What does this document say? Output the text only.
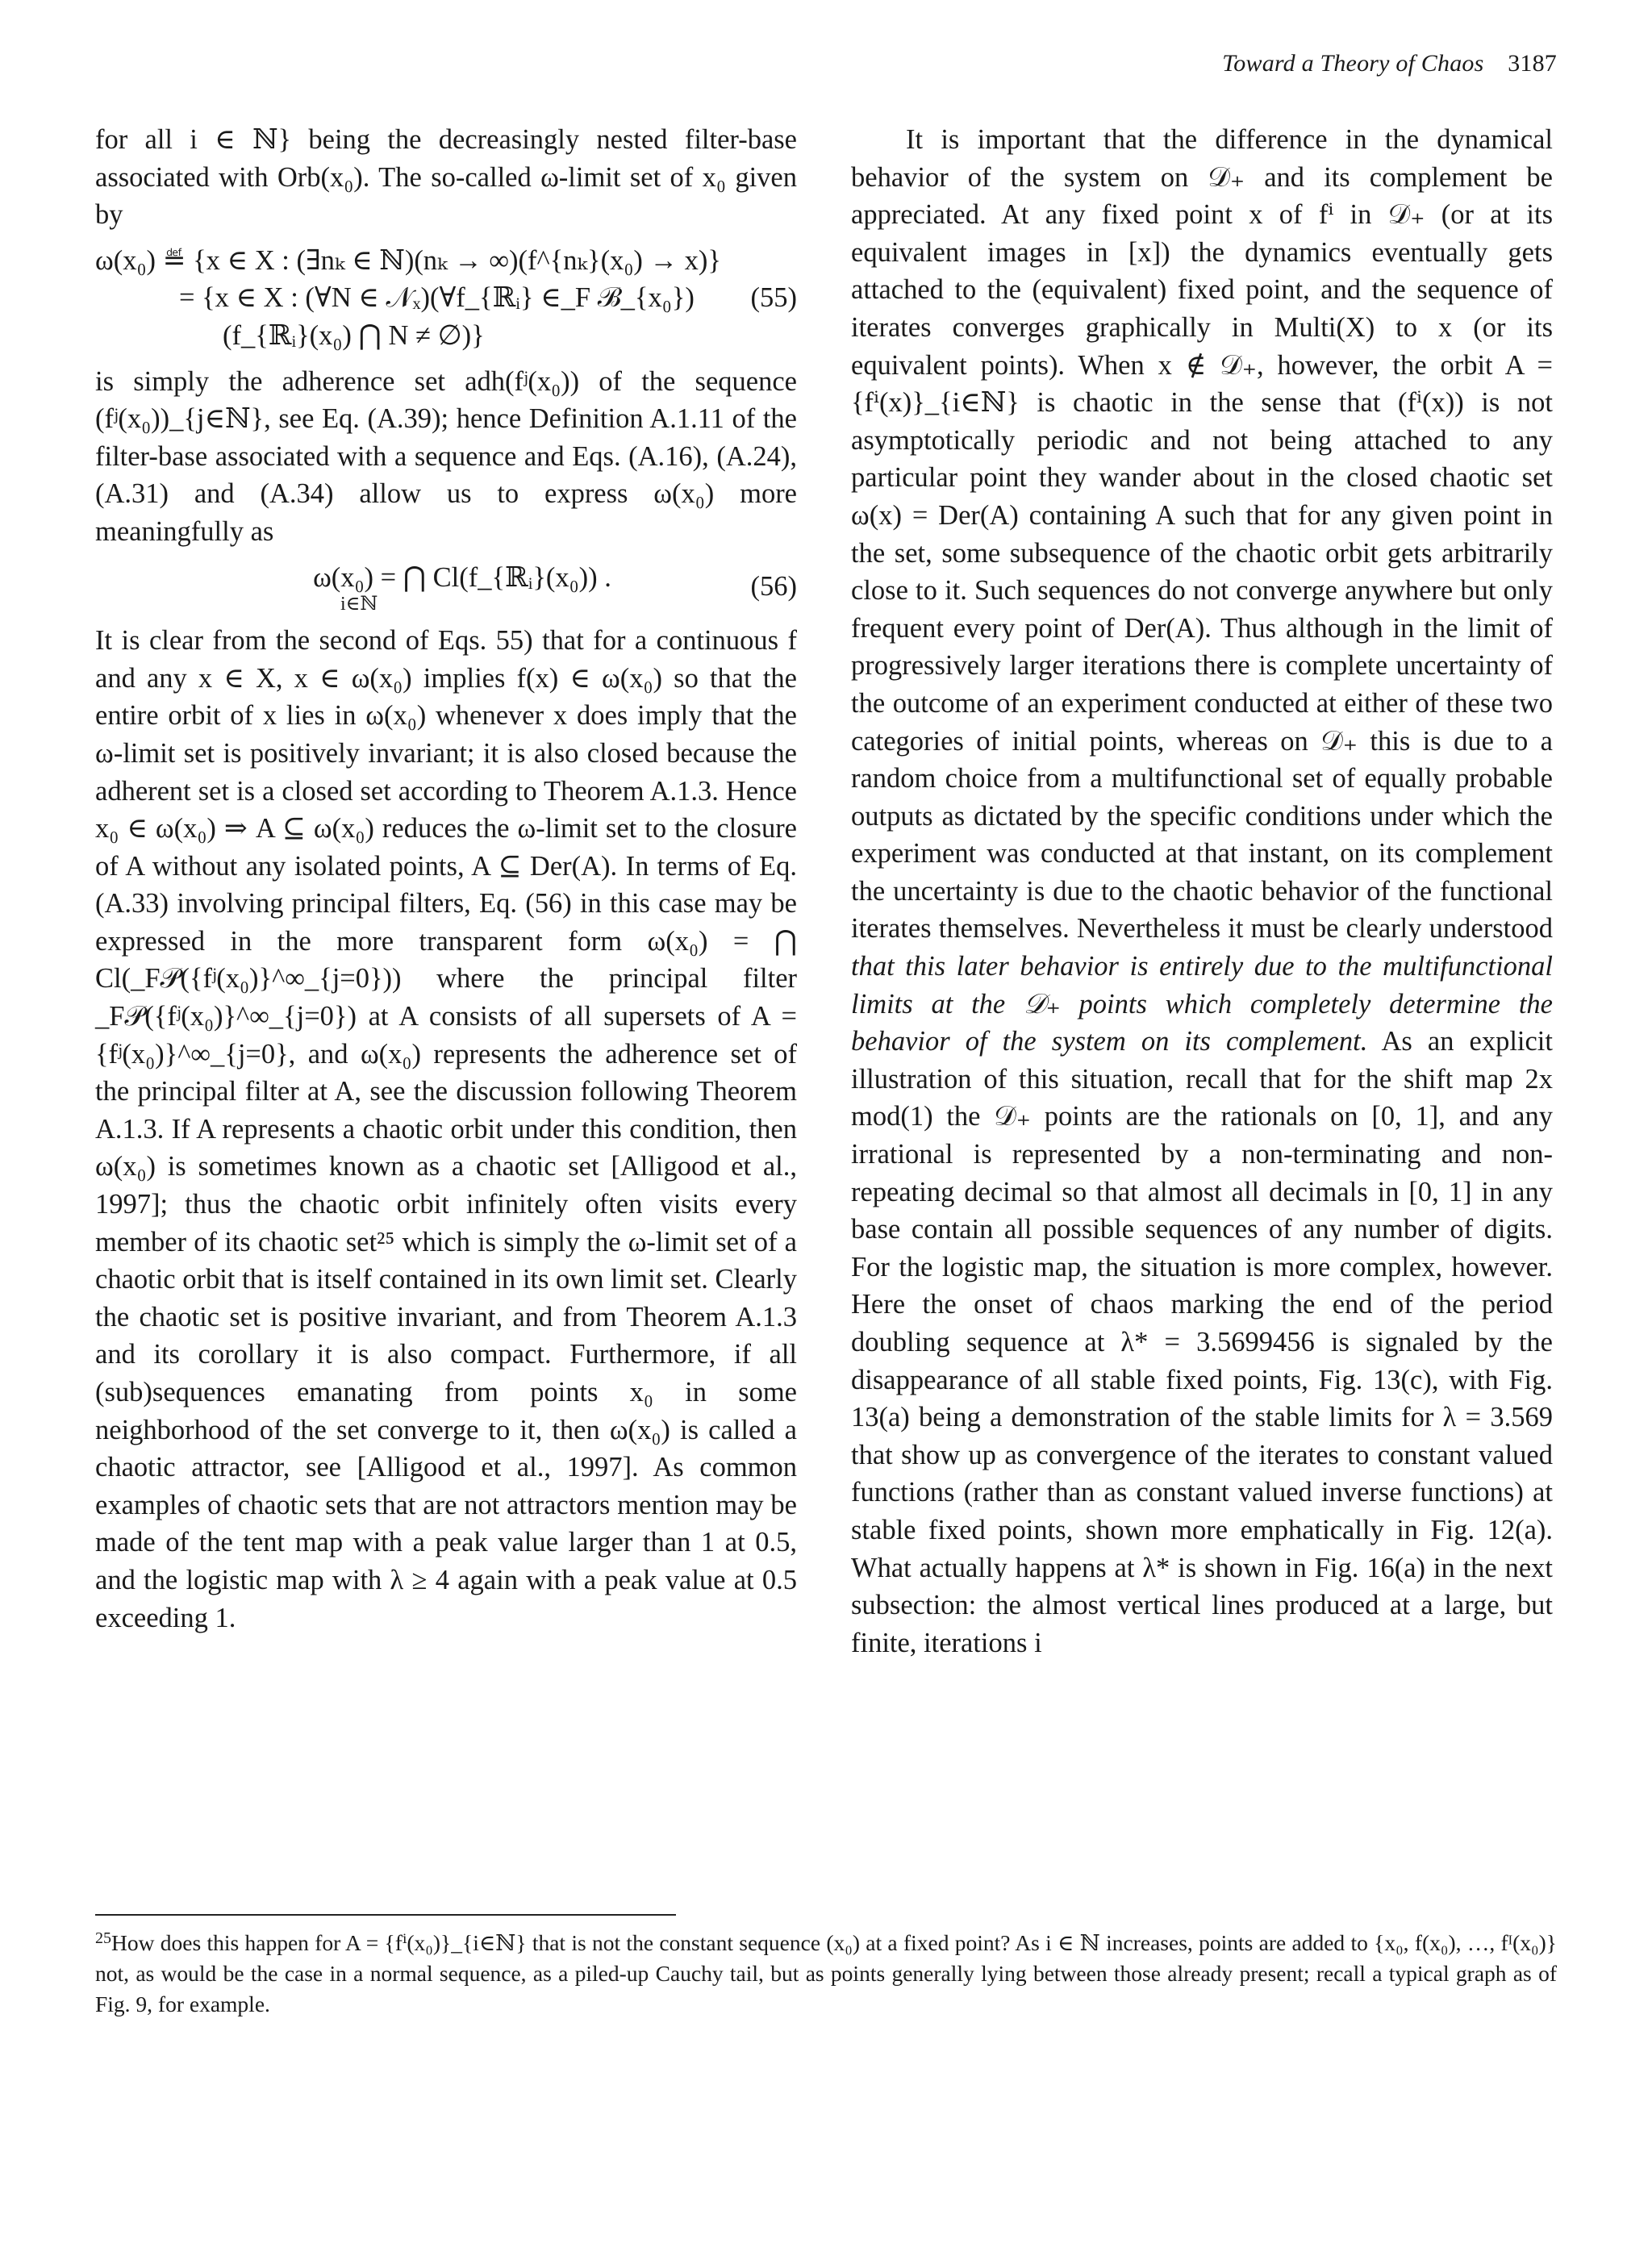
Toward a Theory of Chaos 3187

for all i ∈ ℕ} being the decreasingly nested filter-base associated with Orb(x₀). The so-called ω-limit set of x₀ given by

ω(x₀) ≝ {x ∈ X : (∃nₖ ∈ ℕ)(nₖ → ∞)(f^{nₖ}(x₀) → x)}
= {x ∈ X : (∀N ∈ 𝒩ₓ)(∀f_{ℝᵢ} ∈_F ℬ_{x₀})
(f_{ℝᵢ}(x₀) ⋂ N ≠ ∅)}
(55)

is simply the adherence set adh(fʲ(x₀)) of the sequence (fʲ(x₀))_{j∈ℕ}, see Eq. (A.39); hence Definition A.1.11 of the filter-base associated with a sequence and Eqs. (A.16), (A.24), (A.31) and (A.34) allow us to express ω(x₀) more meaningfully as

ω(x₀) = ⋂ Cl(f_{ℝᵢ}(x₀)) .
i∈ℕ
(56)

It is clear from the second of Eqs. 55) that for a continuous f and any x ∈ X, x ∈ ω(x₀) implies f(x) ∈ ω(x₀) so that the entire orbit of x lies in ω(x₀) whenever x does imply that the ω-limit set is positively invariant; it is also closed because the adherent set is a closed set according to Theorem A.1.3. Hence x₀ ∈ ω(x₀) ⇒ A ⊆ ω(x₀) reduces the ω-limit set to the closure of A without any isolated points, A ⊆ Der(A). In terms of Eq. (A.33) involving principal filters, Eq. (56) in this case may be expressed in the more transparent form ω(x₀) = ⋂ Cl(_F𝒫({fʲ(x₀)}^∞_{j=0})) where the principal filter _F𝒫({fʲ(x₀)}^∞_{j=0}) at A consists of all supersets of A = {fʲ(x₀)}^∞_{j=0}, and ω(x₀) represents the adherence set of the principal filter at A, see the discussion following Theorem A.1.3. If A represents a chaotic orbit under this condition, then ω(x₀) is sometimes known as a chaotic set [Alligood et al., 1997]; thus the chaotic orbit infinitely often visits every member of its chaotic set²⁵ which is simply the ω-limit set of a chaotic orbit that is itself contained in its own limit set. Clearly the chaotic set is positive invariant, and from Theorem A.1.3 and its corollary it is also compact. Furthermore, if all (sub)sequences emanating from points x₀ in some neighborhood of the set converge to it, then ω(x₀) is called a chaotic attractor, see [Alligood et al., 1997]. As common examples of chaotic sets that are not attractors mention may be made of the tent map with a peak value larger than 1 at 0.5, and the logistic map with λ ≥ 4 again with a peak value at 0.5 exceeding 1.

It is important that the difference in the dynamical behavior of the system on 𝒟₊ and its complement be appreciated. At any fixed point x of fⁱ in 𝒟₊ (or at its equivalent images in [x]) the dynamics eventually gets attached to the (equivalent) fixed point, and the sequence of iterates converges graphically in Multi(X) to x (or its equivalent points). When x ∉ 𝒟₊, however, the orbit A = {fⁱ(x)}_{i∈ℕ} is chaotic in the sense that (fⁱ(x)) is not asymptotically periodic and not being attached to any particular point they wander about in the closed chaotic set ω(x) = Der(A) containing A such that for any given point in the set, some subsequence of the chaotic orbit gets arbitrarily close to it. Such sequences do not converge anywhere but only frequent every point of Der(A). Thus although in the limit of progressively larger iterations there is complete uncertainty of the outcome of an experiment conducted at either of these two categories of initial points, whereas on 𝒟₊ this is due to a random choice from a multifunctional set of equally probable outputs as dictated by the specific conditions under which the experiment was conducted at that instant, on its complement the uncertainty is due to the chaotic behavior of the functional iterates themselves. Nevertheless it must be clearly understood that this later behavior is entirely due to the multifunctional limits at the 𝒟₊ points which completely determine the behavior of the system on its complement. As an explicit illustration of this situation, recall that for the shift map 2x mod(1) the 𝒟₊ points are the rationals on [0, 1], and any irrational is represented by a non-terminating and non-repeating decimal so that almost all decimals in [0, 1] in any base contain all possible sequences of any number of digits. For the logistic map, the situation is more complex, however. Here the onset of chaos marking the end of the period doubling sequence at λ* = 3.5699456 is signaled by the disappearance of all stable fixed points, Fig. 13(c), with Fig. 13(a) being a demonstration of the stable limits for λ = 3.569 that show up as convergence of the iterates to constant valued functions (rather than as constant valued inverse functions) at stable fixed points, shown more emphatically in Fig. 12(a). What actually happens at λ* is shown in Fig. 16(a) in the next subsection: the almost vertical lines produced at a large, but finite, iterations i

$^{25}$How does this happen for A = {fⁱ(x₀)}_{i∈ℕ} that is not the constant sequence (x₀) at a fixed point? As i ∈ ℕ increases, points are added to {x₀, f(x₀), …, fᴵ(x₀)} not, as would be the case in a normal sequence, as a piled-up Cauchy tail, but as points generally lying between those already present; recall a typical graph as of Fig. 9, for example.
